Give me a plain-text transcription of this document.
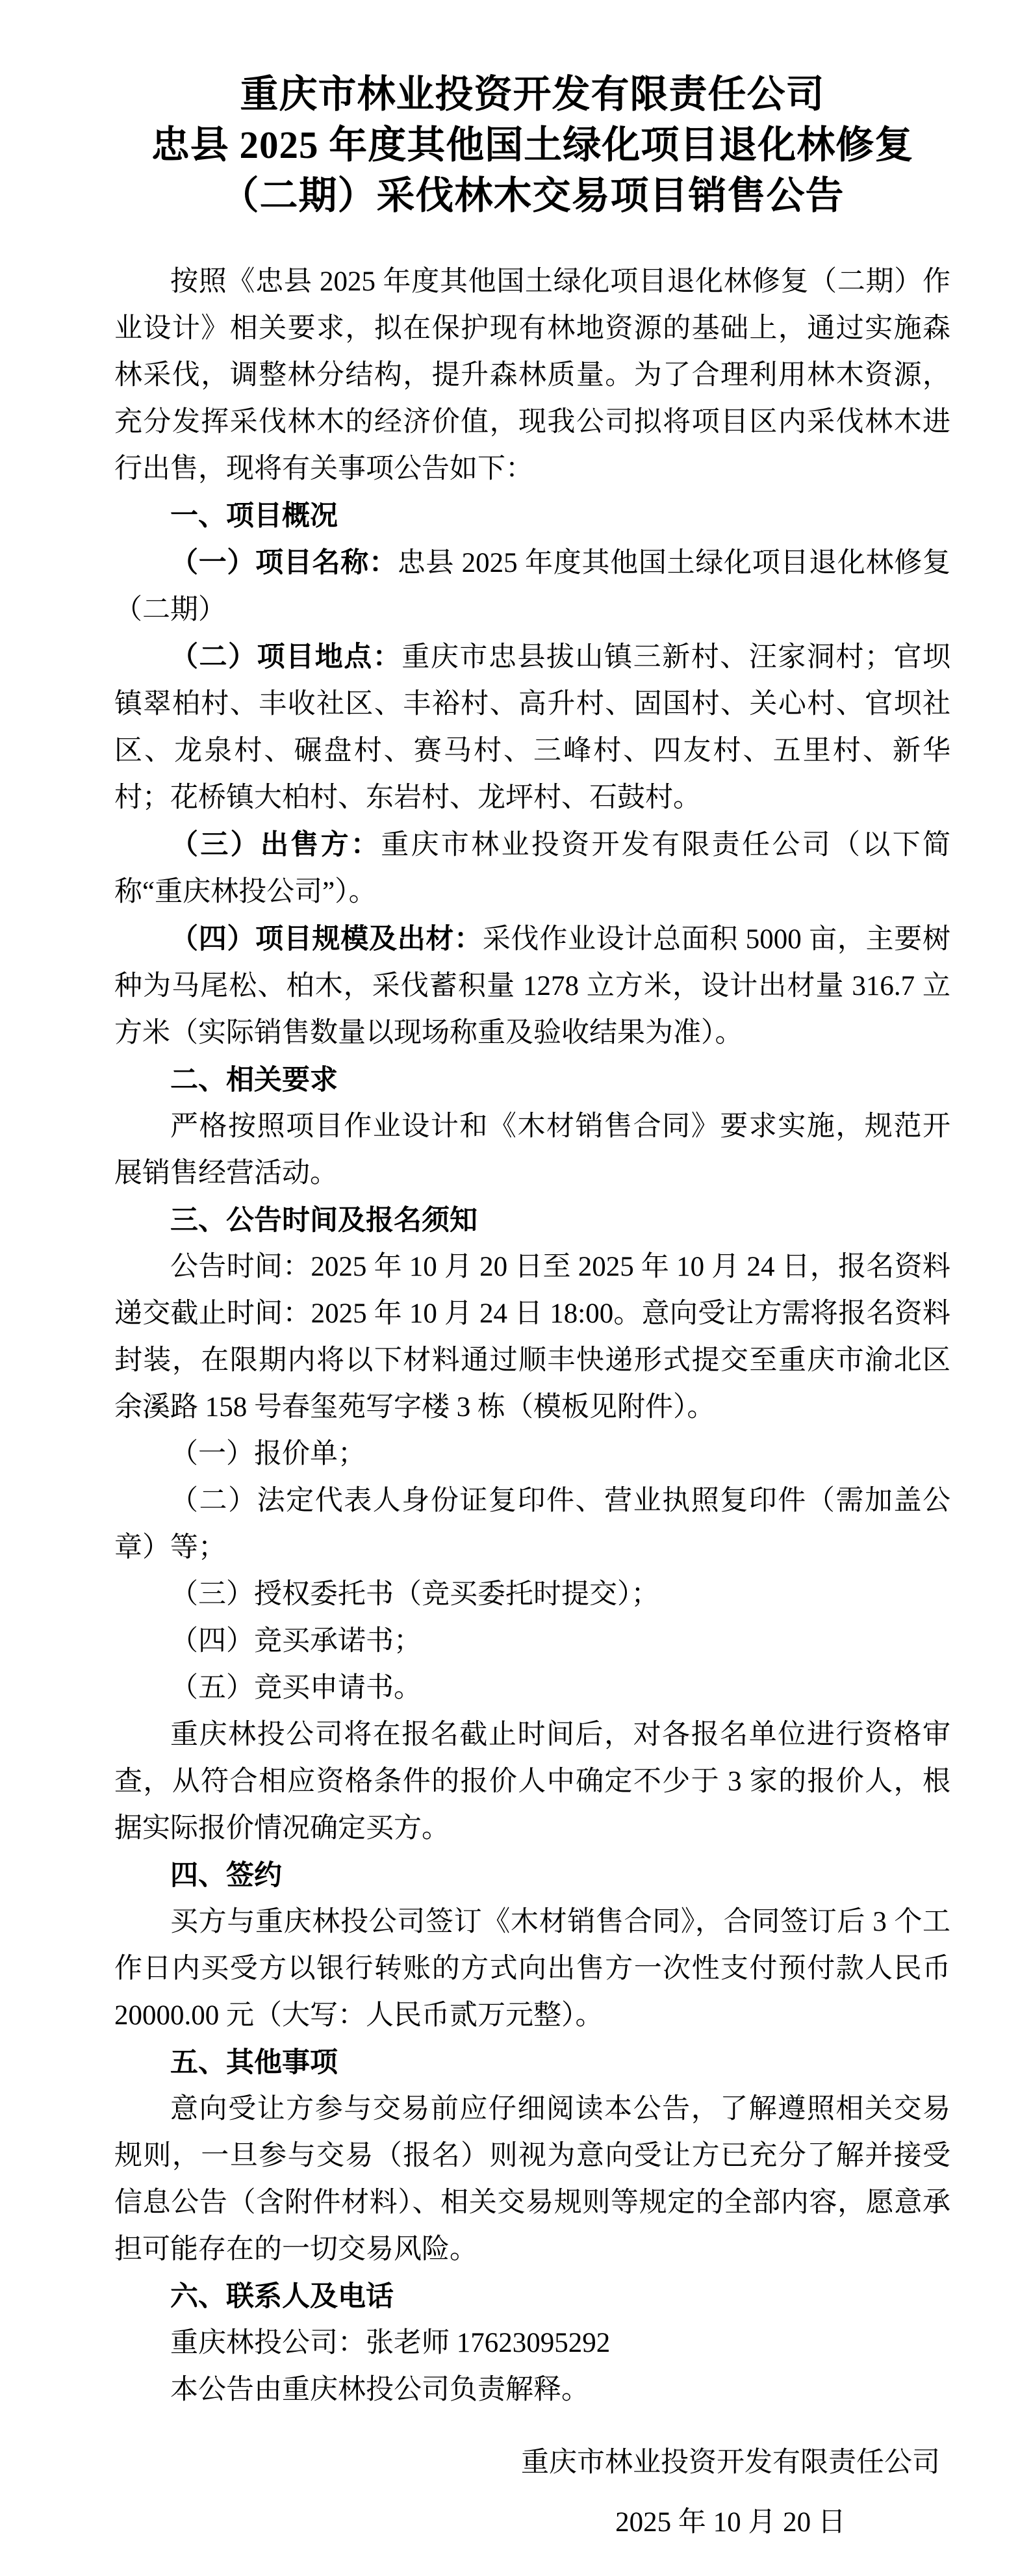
重庆市林业投资开发有限责任公司

忠县 2025 年度其他国土绿化项目退化林修复

（二期）采伐林木交易项目销售公告

按照《忠县 2025 年度其他国土绿化项目退化林修复（二期）作业设计》相关要求，拟在保护现有林地资源的基础上，通过实施森林采伐，调整林分结构，提升森林质量。为了合理利用林木资源，充分发挥采伐林木的经济价值，现我公司拟将项目区内采伐林木进行出售，现将有关事项公告如下：

一、项目概况

（一）项目名称：忠县 2025 年度其他国土绿化项目退化林修复（二期）

（二）项目地点：重庆市忠县拔山镇三新村、汪家洞村；官坝镇翠柏村、丰收社区、丰裕村、高升村、固国村、关心村、官坝社区、龙泉村、碾盘村、赛马村、三峰村、四友村、五里村、新华村；花桥镇大柏村、东岩村、龙坪村、石鼓村。

（三）出售方：重庆市林业投资开发有限责任公司（以下简称“重庆林投公司”）。

（四）项目规模及出材：采伐作业设计总面积 5000 亩，主要树种为马尾松、柏木，采伐蓄积量 1278 立方米，设计出材量 316.7 立方米（实际销售数量以现场称重及验收结果为准）。

二、相关要求

严格按照项目作业设计和《木材销售合同》要求实施，规范开展销售经营活动。

三、公告时间及报名须知

公告时间：2025 年 10 月 20 日至 2025 年 10 月 24 日，报名资料递交截止时间：2025 年 10 月 24 日 18:00。意向受让方需将报名资料封装，在限期内将以下材料通过顺丰快递形式提交至重庆市渝北区余溪路 158 号春玺苑写字楼 3 栋（模板见附件）。

（一）报价单；

（二）法定代表人身份证复印件、营业执照复印件（需加盖公章）等；

（三）授权委托书（竞买委托时提交）；

（四）竞买承诺书；

（五）竞买申请书。

重庆林投公司将在报名截止时间后，对各报名单位进行资格审查，从符合相应资格条件的报价人中确定不少于 3 家的报价人，根据实际报价情况确定买方。

四、签约

买方与重庆林投公司签订《木材销售合同》，合同签订后 3 个工作日内买受方以银行转账的方式向出售方一次性支付预付款人民币 20000.00 元（大写：人民币贰万元整）。

五、其他事项

意向受让方参与交易前应仔细阅读本公告，了解遵照相关交易规则，一旦参与交易（报名）则视为意向受让方已充分了解并接受信息公告（含附件材料）、相关交易规则等规定的全部内容，愿意承担可能存在的一切交易风险。

六、联系人及电话

重庆林投公司：张老师 17623095292

本公告由重庆林投公司负责解释。

重庆市林业投资开发有限责任公司

2025 年 10 月 20 日
